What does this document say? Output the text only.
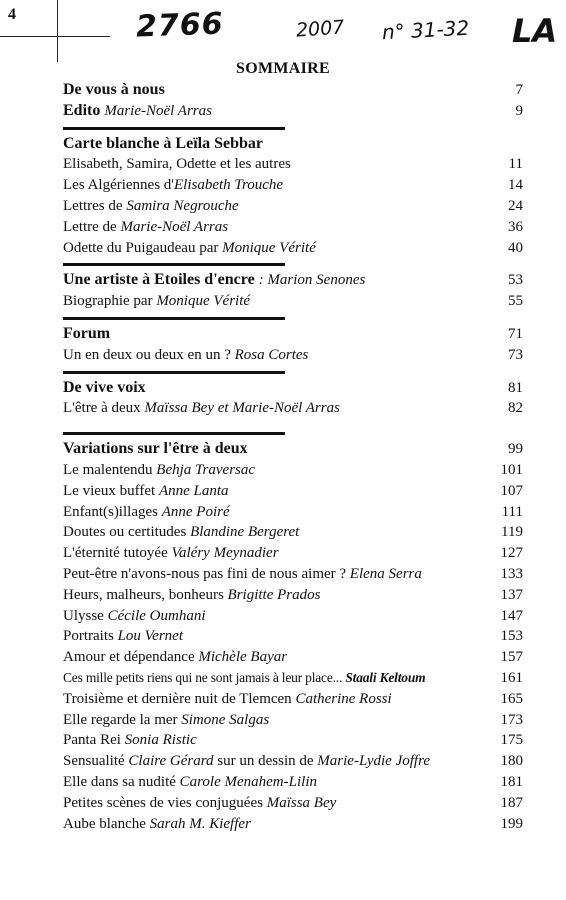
4	2766	2007 n° 31-32 LA
SOMMAIRE
De vous à nous	7
Edito Marie-Noël Arras	9
Carte blanche à Leïla Sebbar
Elisabeth, Samira, Odette et les autres	11
Les Algériennes d'Elisabeth Trouche	14
Lettres de Samira Negrouche	24
Lettre de Marie-Noël Arras	36
Odette du Puigaudeau par Monique Vérité	40
Une artiste à Etoiles d'encre : Marion Senones	53
Biographie par Monique Vérité	55
Forum	71
Un en deux ou deux en un ? Rosa Cortes	73
De vive voix	81
L'être à deux Maïssa Bey et Marie-Noël Arras	82
Variations sur l'être à deux	99
Le malentendu Behja Traversac	101
Le vieux buffet Anne Lanta	107
Enfant(s)illages Anne Poiré	111
Doutes ou certitudes Blandine Bergeret	119
L'éternité tutoyée Valéry Meynadier	127
Peut-être n'avons-nous pas fini de nous aimer ? Elena Serra	133
Heurs, malheurs, bonheurs Brigitte Prados	137
Ulysse Cécile Oumhani	147
Portraits Lou Vernet	153
Amour et dépendance Michèle Bayar	157
Ces mille petits riens qui ne sont jamais à leur place... Staali Keltoum	161
Troisième et dernière nuit de Tlemcen Catherine Rossi	165
Elle regarde la mer Simone Salgas	173
Panta Rei Sonia Ristic	175
Sensualité Claire Gérard sur un dessin de Marie-Lydie Joffre	180
Elle dans sa nudité Carole Menahem-Lilin	181
Petites scènes de vies conjuguées Maïssa Bey	187
Aube blanche Sarah M. Kieffer	199
